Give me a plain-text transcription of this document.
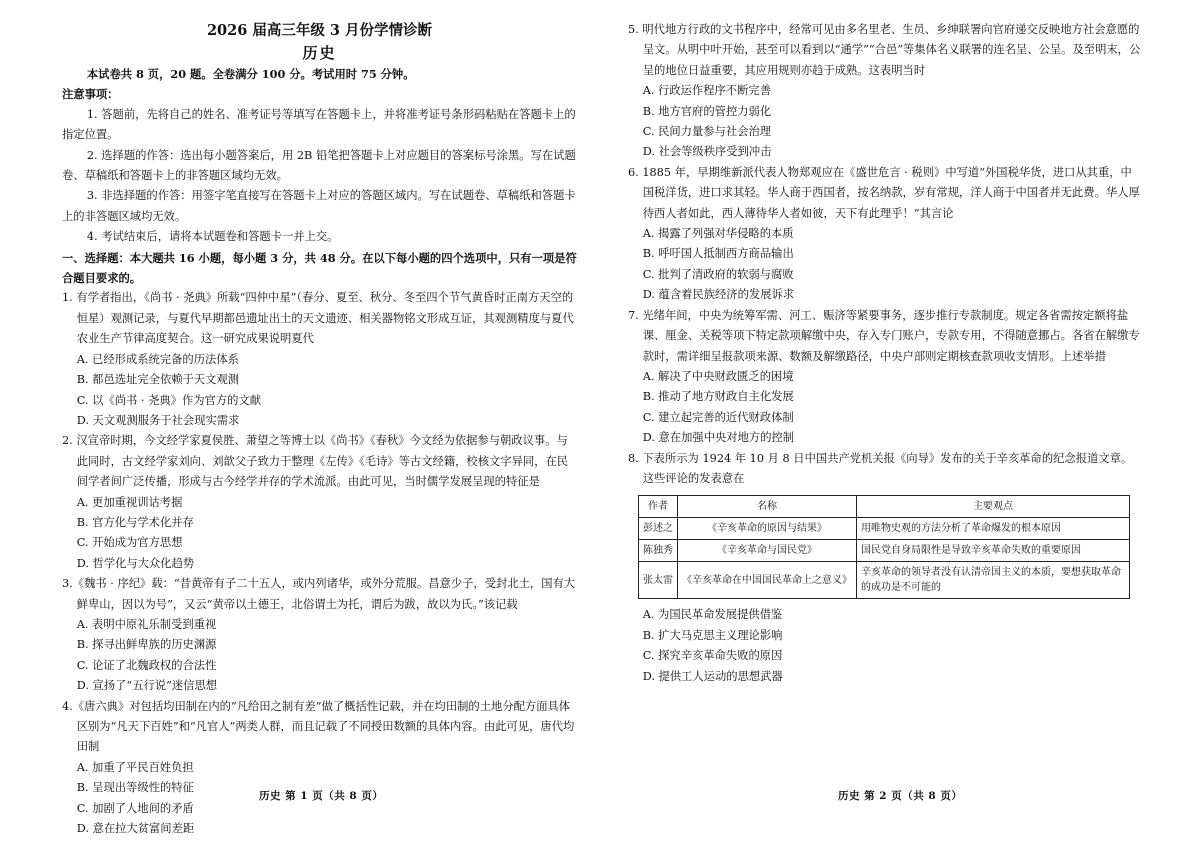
2026 届高三年级 3 月份学情诊断
历史

本试卷共 8 页，20 题。全卷满分 100 分。考试用时 75 分钟。

注意事项：

1. 答题前，先将自己的姓名、准考证号等填写在答题卡上，并将准考证号条形码粘贴在答题卡上的指定位置。

2. 选择题的作答：选出每小题答案后，用 2B 铅笔把答题卡上对应题目的答案标号涂黑。写在试题卷、草稿纸和答题卡上的非答题区域均无效。

3. 非选择题的作答：用签字笔直接写在答题卡上对应的答题区域内。写在试题卷、草稿纸和答题卡上的非答题区域均无效。

4. 考试结束后，请将本试题卷和答题卡一并上交。

一、选择题：本大题共 16 小题，每小题 3 分，共 48 分。在以下每小题的四个选项中，只有一项是符合题目要求的。

1. 有学者指出，《尚书 · 尧典》所载“四仲中星”（春分、夏至、秋分、冬至四个节气黄昏时正南方天空的恒星）观测记录，与夏代早期都邑遗址出土的天文遗迹、相关器物铭文形成互证，其观测精度与夏代农业生产节律高度契合。这一研究成果说明夏代

A. 已经形成系统完备的历法体系

B. 都邑选址完全依赖于天文观测

C. 以《尚书 · 尧典》作为官方的文献

D. 天文观测服务于社会现实需求

2. 汉宣帝时期，今文经学家夏侯胜、萧望之等博士以《尚书》《春秋》今文经为依据参与朝政议事。与此同时，古文经学家刘向、刘歆父子致力于整理《左传》《毛诗》等古文经籍，校核文字异同，在民间学者间广泛传播，形成与古今经学并存的学术流派。由此可见，当时儒学发展呈现的特征是

A. 更加重视训诂考据

B. 官方化与学术化并存

C. 开始成为官方思想

D. 哲学化与大众化趋势

3.《魏书 · 序纪》载：“昔黄帝有子二十五人，或内列诸华，或外分荒服。昌意少子，受封北土，国有大鲜卑山，因以为号”，又云“黄帝以土德王，北俗谓土为托，谓后为跋，故以为氏。”该记载

A. 表明中原礼乐制受到重视

B. 探寻出鲜卑族的历史渊源

C. 论证了北魏政权的合法性

D. 宣扬了“五行说”迷信思想

4.《唐六典》对包括均田制在内的“凡给田之制有差”做了概括性记载，并在均田制的土地分配方面具体区别为“凡天下百姓”和“凡官人”两类人群，而且记载了不同授田数额的具体内容。由此可见，唐代均田制

A. 加重了平民百姓负担

B. 呈现出等级性的特征

C. 加剧了人地间的矛盾

D. 意在拉大贫富间差距

5. 明代地方行政的文书程序中，经常可见由多名里老、生员、乡绅联署向官府递交反映地方社会意愿的呈文。从明中叶开始，甚至可以看到以“通学”“合邑”等集体名义联署的连名呈、公呈。及至明末，公呈的地位日益重要，其应用规则亦趋于成熟。这表明当时

A. 行政运作程序不断完善

B. 地方官府的管控力弱化

C. 民间力量参与社会治理

D. 社会等级秩序受到冲击

6. 1885 年，早期维新派代表人物郑观应在《盛世危言 · 税则》中写道“外国税华货，进口从其重，中国税洋货，进口求其轻。华人商于西国者，按名纳款，岁有常规，洋人商于中国者并无此费。华人厚待西人者如此，西人薄待华人者如彼，天下有此理乎！”其言论

A. 揭露了列强对华侵略的本质

B. 呼吁国人抵制西方商品输出

C. 批判了清政府的软弱与腐败

D. 蕴含着民族经济的发展诉求

7. 光绪年间，中央为统筹军需、河工、赈济等紧要事务，逐步推行专款制度。规定各省需按定额将盐课、厘金、关税等项下特定款项解缴中央，存入专门账户，专款专用，不得随意挪占。各省在解缴专款时，需详细呈报款项来源、数额及解缴路径，中央户部则定期核查款项收支情形。上述举措

A. 解决了中央财政匮乏的困境

B. 推动了地方财政自主化发展

C. 建立起完善的近代财政体制

D. 意在加强中央对地方的控制

8. 下表所示为 1924 年 10 月 8 日中国共产党机关报《向导》发布的关于辛亥革命的纪念报道文章。这些评论的发表意在

作者	名称	主要观点
彭述之	《辛亥革命的原因与结果》	用唯物史观的方法分析了革命爆发的根本原因
陈独秀	《辛亥革命与国民党》	国民党自身局限性是导致辛亥革命失败的重要原因
张太雷	《辛亥革命在中国国民革命上之意义》	辛亥革命的领导者没有认清帝国主义的本质，要想获取革命的成功是不可能的

A. 为国民革命发展提供借鉴

B. 扩大马克思主义理论影响

C. 探究辛亥革命失败的原因

D. 提供工人运动的思想武器

历史 第 1 页（共 8 页）	历史 第 2 页（共 8 页）
